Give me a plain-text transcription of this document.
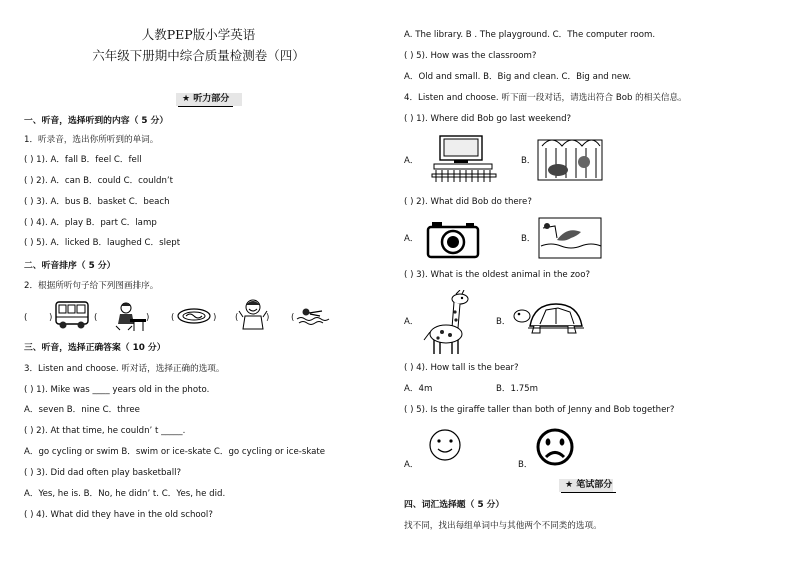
人教PEP版小学英语
六年级下册期中综合质量检测卷（四）
★ 听力部分
一、听音，选择听到的内容（ 5 分）
1．听录音，选出你所听到的单词。
( ) 1). A．fall B．feel C．fell
( ) 2). A．can B．could C．couldn’t
( ) 3). A．bus B．basket C．beach
( ) 4). A．play B．part C．lamp
( ) 5). A．licked B．laughed C．slept
二、听音排序（ 5 分）
2．根据所听句子给下列图画排序。
(	)	(	)	(	) (	)	(
三、听音，选择正确答案（ 10 分）
3．Listen and choose. 听对话，选择正确的选项。
( ) 1). Mike was ____ years old in the photo.
A．seven B．nine C．three
( ) 2). At that time, he couldn’ t _____.
A．go cycling or swim B．swim or ice-skate C．go cycling or ice-skate
( ) 3). Did dad often play basketball?
A．Yes, he is. B．No, he didn’ t. C．Yes, he did.
( ) 4). What did they have in the old school?
A. The library. B . The playground. C．The computer room.
( ) 5). How was the classroom?
A．Old and small. B．Big and clean. C．Big and new.
4．Listen and choose. 听下面一段对话，请选出符合 Bob 的相关信息。
( ) 1). Where did Bob go last weekend?
A．	B．
( ) 2). What did Bob do there?
A．	B．
( ) 3). What is the oldest animal in the zoo?
A．	B．
( ) 4). How tall is the bear?
A．4m	B．1.75m
( ) 5). Is the giraffe taller than both of Jenny and Bob together?
A．	B．
★ 笔试部分
四、词汇选择题（ 5 分）
找不同，找出每组单词中与其他两个不同类的选项。
